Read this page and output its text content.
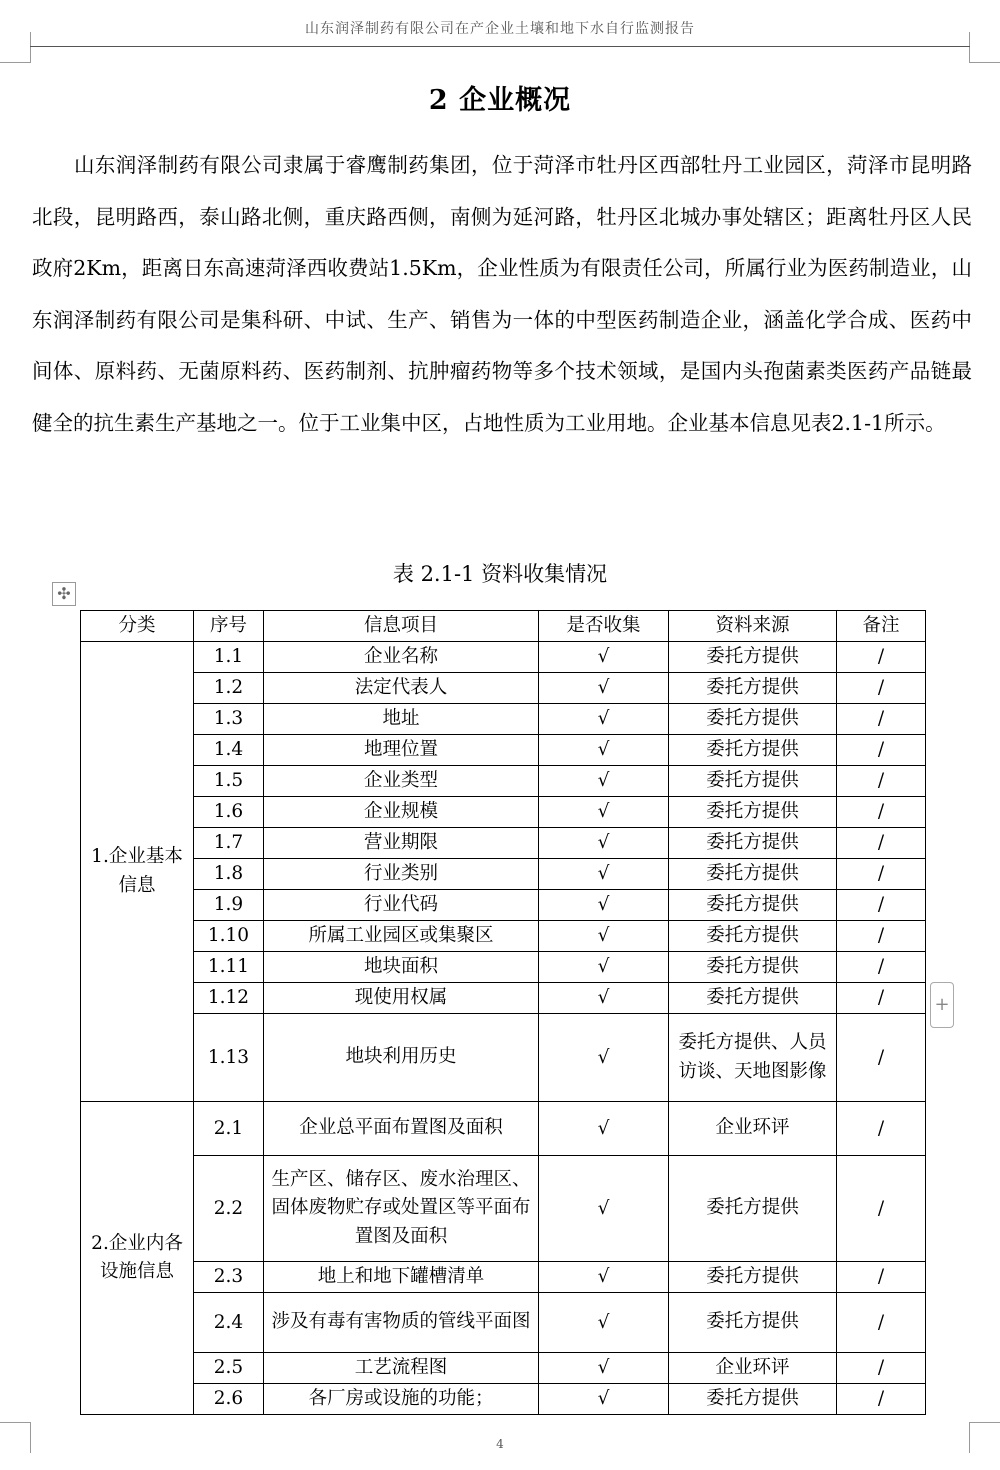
山东润泽制药有限公司在产企业土壤和地下水自行监测报告
2 企业概况

山东润泽制药有限公司隶属于睿鹰制药集团，位于菏泽市牡丹区西部牡丹工业园区，菏泽市昆明路北段，昆明路西，泰山路北侧，重庆路西侧，南侧为延河路，牡丹区北城办事处辖区；距离牡丹区人民政府2Km，距离日东高速菏泽西收费站1.5Km，企业性质为有限责任公司，所属行业为医药制造业，山东润泽制药有限公司是集科研、中试、生产、销售为一体的中型医药制造企业，涵盖化学合成、医药中间体、原料药、无菌原料药、医药制剂、抗肿瘤药物等多个技术领域，是国内头孢菌素类医药产品链最健全的抗生素生产基地之一。位于工业集中区，占地性质为工业用地。企业基本信息见表2.1-1所示。

表 2.1-1 资料收集情况
✣
+
分类	序号	信息项目	是否收集	资料来源	备注
1.企业基本信息	1.1	企业名称	√	委托方提供	/
	1.2	法定代表人	√	委托方提供	/
	1.3	地址	√	委托方提供	/
	1.4	地理位置	√	委托方提供	/
	1.5	企业类型	√	委托方提供	/
	1.6	企业规模	√	委托方提供	/
	1.7	营业期限	√	委托方提供	/
	1.8	行业类别	√	委托方提供	/
	1.9	行业代码	√	委托方提供	/
	1.10	所属工业园区或集聚区	√	委托方提供	/
	1.11	地块面积	√	委托方提供	/
	1.12	现使用权属	√	委托方提供	/
	1.13	地块利用历史	√	委托方提供、人员访谈、天地图影像	/
2.企业内各设施信息	2.1	企业总平面布置图及面积	√	企业环评	/
	2.2	生产区、储存区、废水治理区、固体废物贮存或处置区等平面布置图及面积	√	委托方提供	/
	2.3	地上和地下罐槽清单	√	委托方提供	/
	2.4	涉及有毒有害物质的管线平面图	√	委托方提供	/
	2.5	工艺流程图	√	企业环评	/
	2.6	各厂房或设施的功能；	√	委托方提供	/
4
